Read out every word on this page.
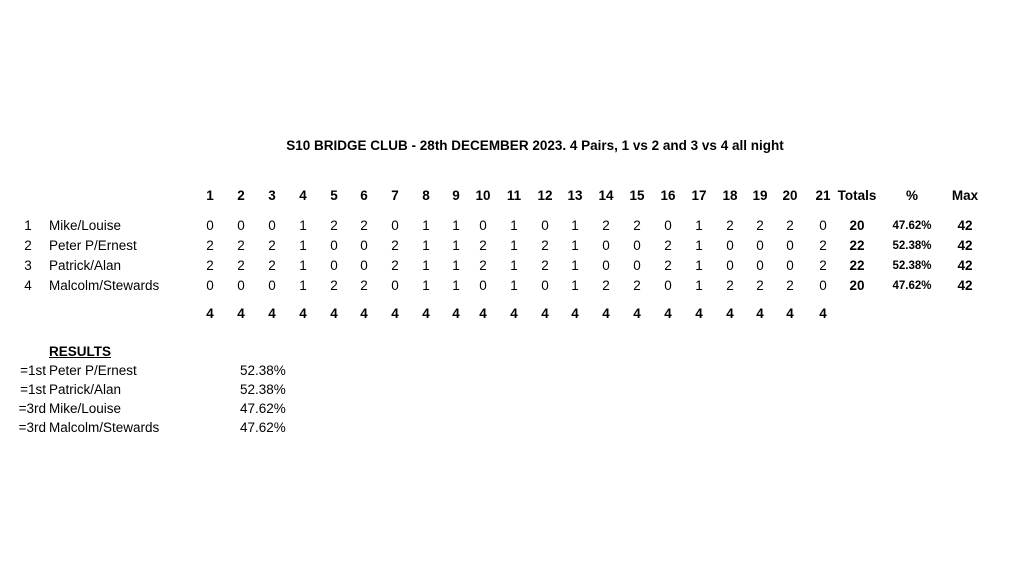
S10 BRIDGE CLUB - 28th DECEMBER 2023. 4 Pairs, 1 vs 2 and 3 vs 4 all night
1 2 3 4 5 6 7 8 9 10 11 12 13 14 15 16 17 18 19 20 21 Totals %	Max
1 Mike/Louise	0 0 0 1 2 2 0 1 1 0 1 0 1 2 2 0 1 2 2 2 0 20 47.62% 42
2 Peter P/Ernest	2 2 2 1 0 0 2 1 1 2 1 2 1 0 0 2 1 0 0 0 2 22 52.38% 42
3 Patrick/Alan	2 2 2 1 0 0 2 1 1 2 1 2 1 0 0 2 1 0 0 0 2 22 52.38% 42
4 Malcolm/Stewards	0 0 0 1 2 2 0 1 1 0 1 0 1 2 2 0 1 2 2 2 0 20 47.62% 42
4 4 4 4 4 4 4 4 4 4 4 4 4 4 4 4 4 4 4 4 4
RESULTS
=1st Peter P/Ernest	52.38%
=1st Patrick/Alan	52.38%
=3rd Mike/Louise	47.62%
=3rd Malcolm/Stewards	47.62%
